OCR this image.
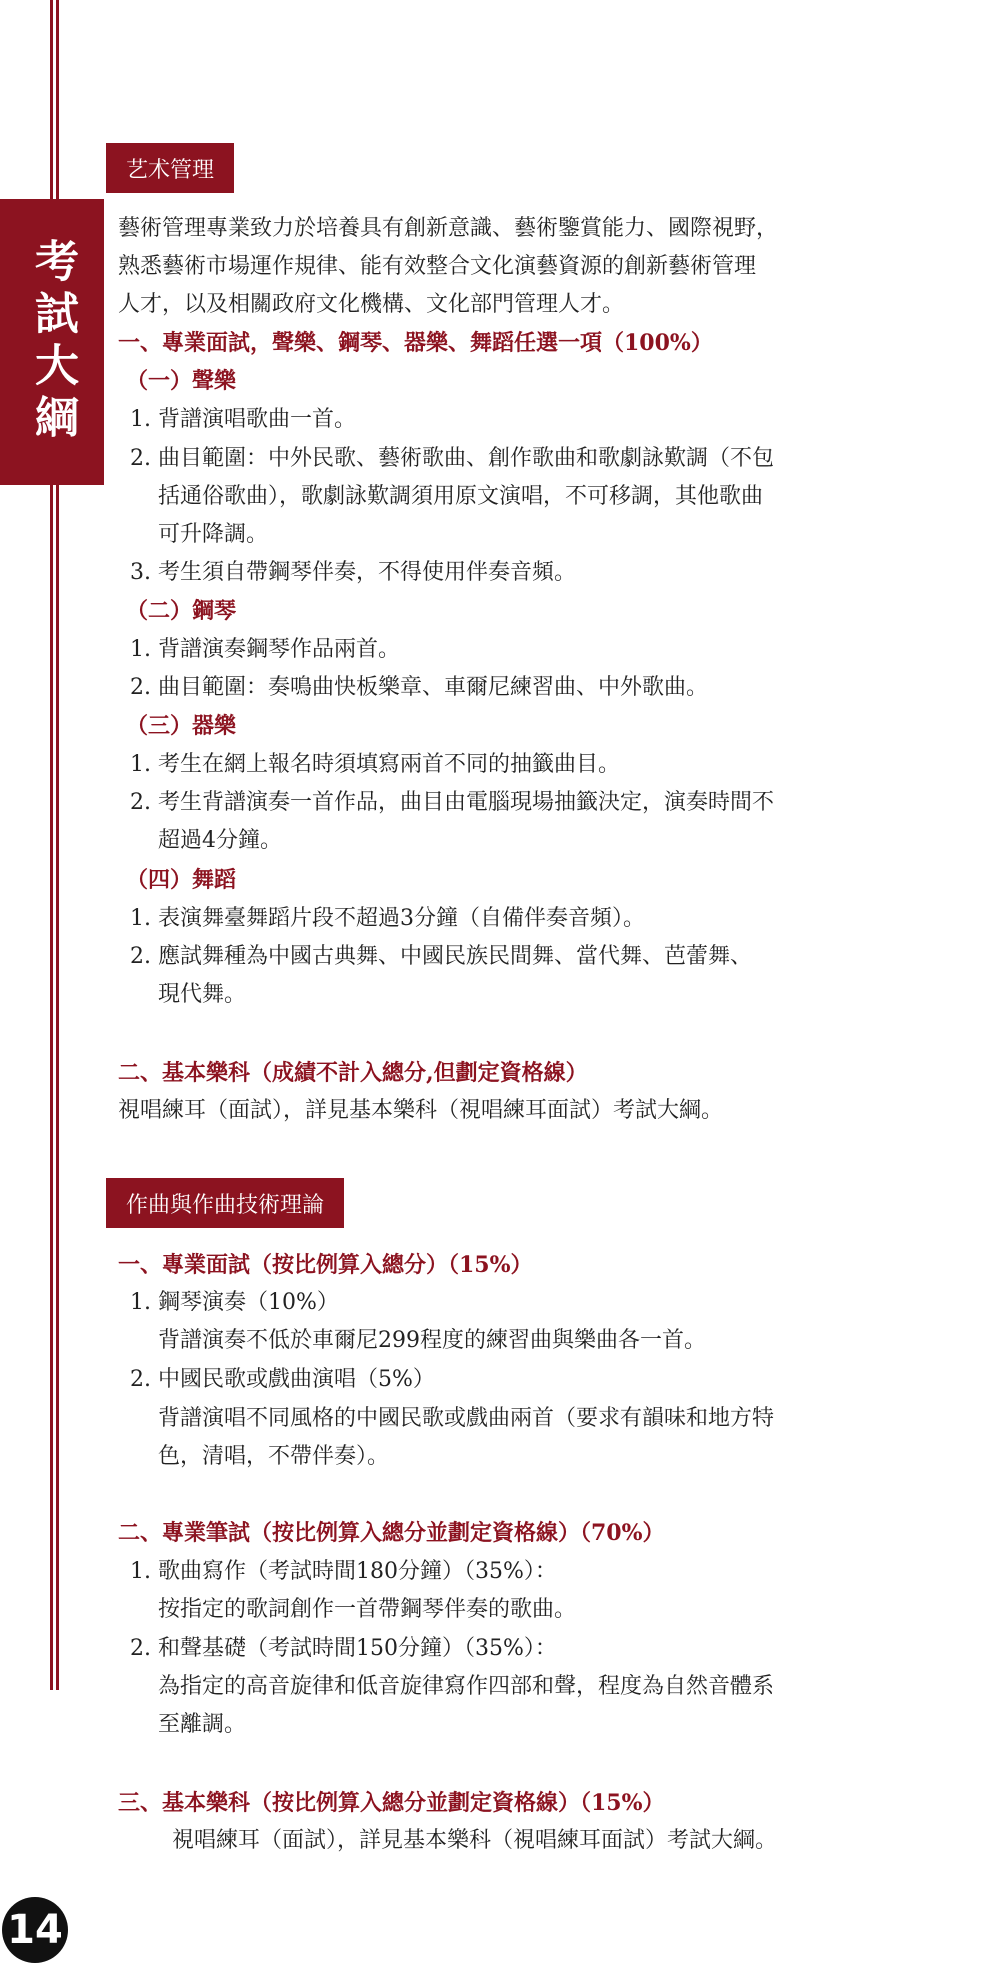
考試大綱
艺术管理
藝術管理專業致力於培養具有創新意識、藝術鑒賞能力、國際視野，
熟悉藝術市場運作規律、能有效整合文化演藝資源的創新藝術管理
人才，以及相關政府文化機構、文化部門管理人才。
一、專業面試，聲樂、鋼琴、器樂、舞蹈任選一項（100%）
（一）聲樂
1. 背譜演唱歌曲一首。
2. 曲目範圍：中外民歌、藝術歌曲、創作歌曲和歌劇詠歎調（不包
括通俗歌曲），歌劇詠歎調須用原文演唱，不可移調，其他歌曲
可升降調。
3. 考生須自帶鋼琴伴奏，不得使用伴奏音頻。
（二）鋼琴
1. 背譜演奏鋼琴作品兩首。
2. 曲目範圍：奏鳴曲快板樂章、車爾尼練習曲、中外歌曲。
（三）器樂
1. 考生在網上報名時須填寫兩首不同的抽籤曲目。
2. 考生背譜演奏一首作品，曲目由電腦現場抽籤決定，演奏時間不
超過4分鐘。
（四）舞蹈
1. 表演舞臺舞蹈片段不超過3分鐘（自備伴奏音頻）。
2. 應試舞種為中國古典舞、中國民族民間舞、當代舞、芭蕾舞、
現代舞。
二、基本樂科（成績不計入總分,但劃定資格線）
視唱練耳（面試），詳見基本樂科（視唱練耳面試）考試大綱。
作曲與作曲技術理論
一、專業面試（按比例算入總分）（15%）
1. 鋼琴演奏（10%）
背譜演奏不低於車爾尼299程度的練習曲與樂曲各一首。
2. 中國民歌或戲曲演唱（5%）
背譜演唱不同風格的中國民歌或戲曲兩首（要求有韻味和地方特
色，清唱，不帶伴奏）。
二、專業筆試（按比例算入總分並劃定資格線）（70%）
1. 歌曲寫作（考試時間180分鐘）（35%）：
按指定的歌詞創作一首帶鋼琴伴奏的歌曲。
2. 和聲基礎（考試時間150分鐘）（35%）：
為指定的高音旋律和低音旋律寫作四部和聲，程度為自然音體系
至離調。
三、基本樂科（按比例算入總分並劃定資格線）（15%）
視唱練耳（面試），詳見基本樂科（視唱練耳面試）考試大綱。
14
